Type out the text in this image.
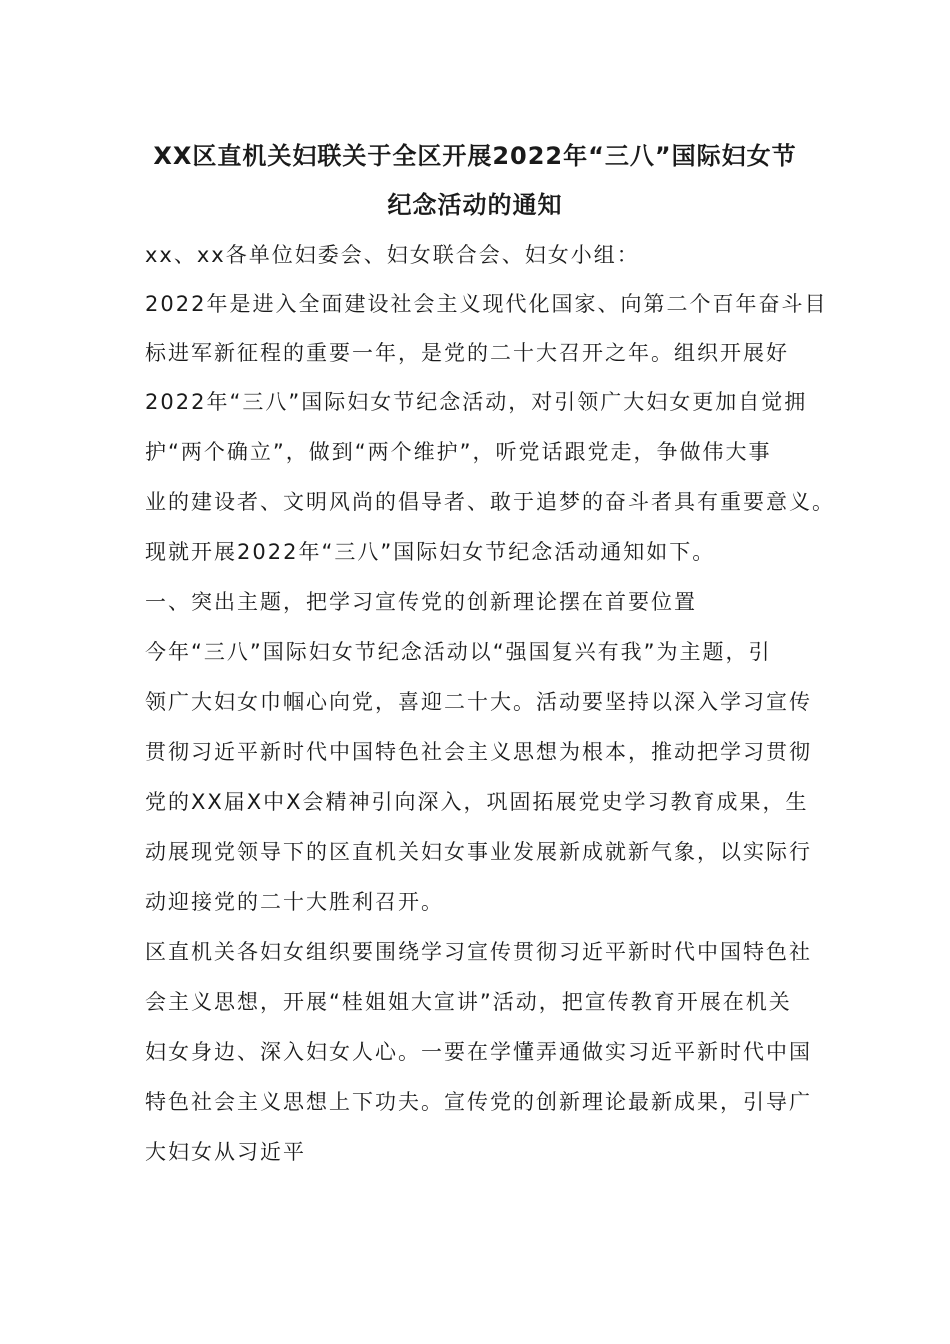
XX区直机关妇联关于全区开展2022年“三八”国际妇女节
纪念活动的通知
xx、xx各单位妇委会、妇女联合会、妇女小组：
2022年是进入全面建设社会主义现代化国家、向第二个百年奋斗目
标进军新征程的重要一年，是党的二十大召开之年。组织开展好
2022年“三八”国际妇女节纪念活动，对引领广大妇女更加自觉拥
护“两个确立”，做到“两个维护”，听党话跟党走，争做伟大事
业的建设者、文明风尚的倡导者、敢于追梦的奋斗者具有重要意义。
现就开展2022年“三八”国际妇女节纪念活动通知如下。
一、突出主题，把学习宣传党的创新理论摆在首要位置
今年“三八”国际妇女节纪念活动以“强国复兴有我”为主题，引
领广大妇女巾帼心向党，喜迎二十大。活动要坚持以深入学习宣传
贯彻习近平新时代中国特色社会主义思想为根本，推动把学习贯彻
党的XX届X中X会精神引向深入，巩固拓展党史学习教育成果，生
动展现党领导下的区直机关妇女事业发展新成就新气象，以实际行
动迎接党的二十大胜利召开。
区直机关各妇女组织要围绕学习宣传贯彻习近平新时代中国特色社
会主义思想，开展“桂姐姐大宣讲”活动，把宣传教育开展在机关
妇女身边、深入妇女人心。一要在学懂弄通做实习近平新时代中国
特色社会主义思想上下功夫。宣传党的创新理论最新成果，引导广
大妇女从习近平
